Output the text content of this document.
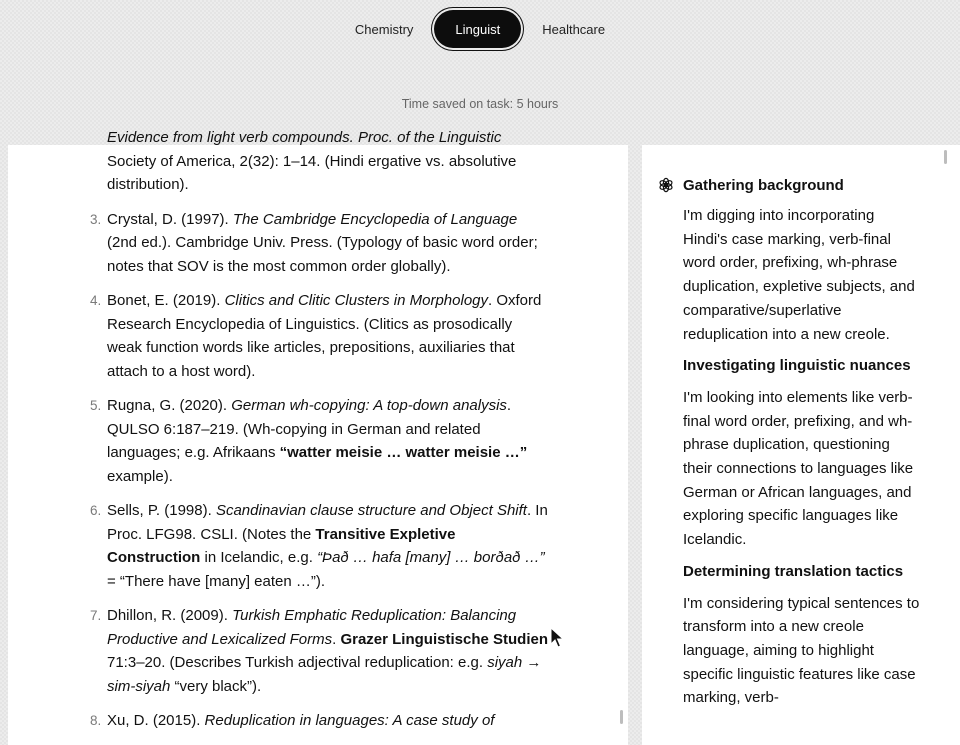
Chemistry	Linguist	Healthcare
Time saved on task: 5 hours
Evidence from light verb compounds. Proc. of the Linguistic
Society of America, 2(32): 1–14. (Hindi ergative vs. absolutive
distribution).
3. Crystal, D. (1997). The Cambridge Encyclopedia of Language (2nd ed.). Cambridge Univ. Press. (Typology of basic word order; notes that SOV is the most common order globally).
4. Bonet, E. (2019). Clitics and Clitic Clusters in Morphology. Oxford Research Encyclopedia of Linguistics. (Clitics as prosodically weak function words like articles, prepositions, auxiliaries that attach to a host word).
5. Rugna, G. (2020). German wh-copying: A top-down analysis. QULSO 6:187–219. (Wh-copying in German and related languages; e.g. Afrikaans “watter meisie … watter meisie …” example).
6. Sells, P. (1998). Scandinavian clause structure and Object Shift. In Proc. LFG98. CSLI. (Notes the Transitive Expletive Construction in Icelandic, e.g. “Það … hafa [many] … borðað …” = “There have [many] eaten …”).
7. Dhillon, R. (2009). Turkish Emphatic Reduplication: Balancing Productive and Lexicalized Forms. Grazer Linguistische Studien 71:3–20. (Describes Turkish adjectival reduplication: e.g. siyah → sim-siyah “very black”).
8. Xu, D. (2015). Reduplication in languages: A case study of
Gathering background
I'm digging into incorporating Hindi's case marking, verb-final word order, prefixing, wh-phrase duplication, expletive subjects, and comparative/superlative reduplication into a new creole.
Investigating linguistic nuances
I'm looking into elements like verb-final word order, prefixing, and wh-phrase duplication, questioning their connections to languages like German or African languages, and exploring specific languages like Icelandic.
Determining translation tactics
I'm considering typical sentences to transform into a new creole language, aiming to highlight specific linguistic features like case marking, verb-
